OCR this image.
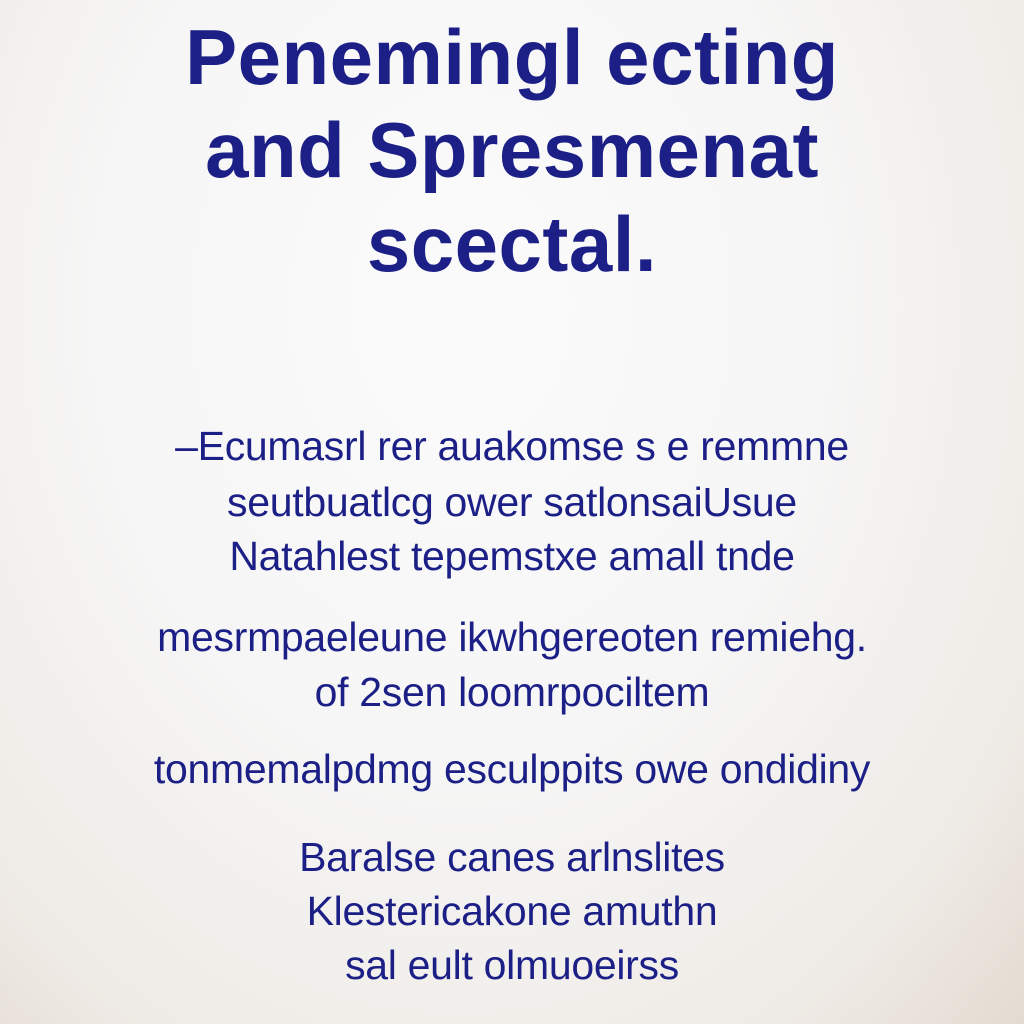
Penemingl ecting

and Spresmenat

scectal.

–Ecumasrl rer auakomse s e remmne

seutbuatlcg ower satlonsaiUsue

Natahlest tepemstxe amall tnde

mesrmpaeleune ikwhgereoten remiehg.

of 2sen loomrpociltem

tonmemalpdmg esculppits owe ondidiny

Baralse canes arlnslites

Klestericakone amuthn

sal eult olmuoeirss
